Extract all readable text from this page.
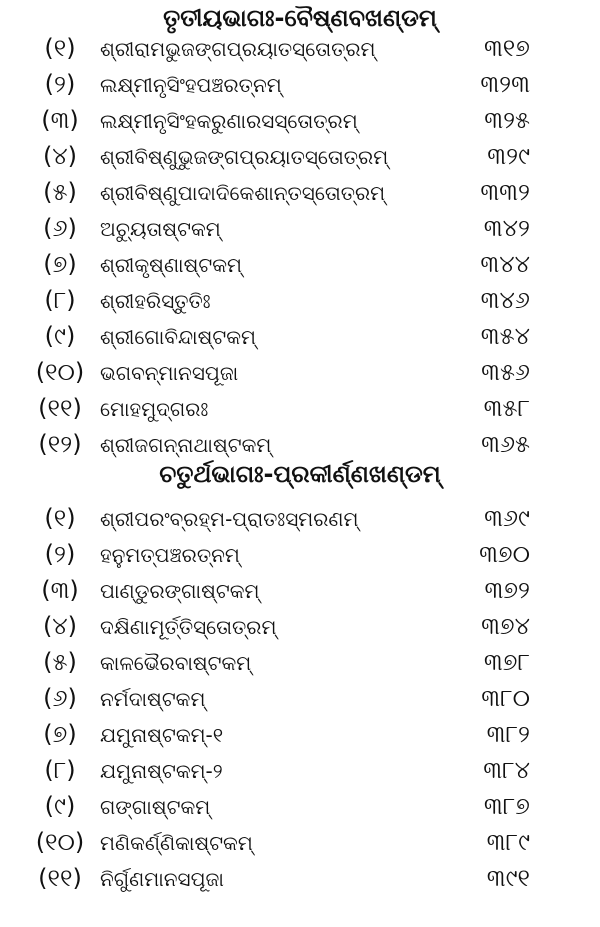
ତୃତୀୟଭାଗଃ-ବୈଷ୍ଣବଖଣ୍ଡମ୍
(୧)	ଶ୍ରୀରାମଭୁଜଙ୍ଗପ୍ରୟାତସ୍ତୋତ୍ରମ୍	୩୧୭
(୨)	ଲକ୍ଷ୍ମୀନୃସିଂହପଞ୍ଚରତ୍ନମ୍	୩୨୩
(୩)	ଲକ୍ଷ୍ମୀନୃସିଂହକରୁଣାରସସ୍ତୋତ୍ରମ୍	୩୨୫
(୪)	ଶ୍ରୀବିଷ୍ଣୁଭୁଜଙ୍ଗପ୍ରୟାତସ୍ତୋତ୍ରମ୍	୩୨୯
(୫)	ଶ୍ରୀବିଷ୍ଣୁପାଦାଦିକେଶାନ୍ତସ୍ତୋତ୍ରମ୍	୩୩୨
(୬)	ଅଚ୍ୟୁତାଷ୍ଟକମ୍	୩୪୨
(୭)	ଶ୍ରୀକୃଷ୍ଣାଷ୍ଟକମ୍	୩୪୪
(୮)	ଶ୍ରୀହରିସ୍ତୁତିଃ	୩୪୬
(୯)	ଶ୍ରୀଗୋବିନ୍ଦାଷ୍ଟକମ୍	୩୫୪
(୧୦) ଭଗବନ୍ମାନସପୂଜା	୩୫୬
(୧୧) ମୋହମୁଦ୍ଗରଃ	୩୫୮
(୧୨) ଶ୍ରୀଜଗନ୍ନାଥାଷ୍ଟକମ୍	୩୬୫
ଚତୁର୍ଥଭାଗଃ-ପ୍ରକୀର୍ଣ୍ଣଖଣ୍ଡମ୍
(୧)	ଶ୍ରୀପରଂବ୍ରହ୍ମ-ପ୍ରାତଃସ୍ମରଣମ୍	୩୬୯
(୨)	ହନୁମତ୍ପଞ୍ଚରତ୍ନମ୍	୩୭୦
(୩)	ପାଣ୍ଡୁରଙ୍ଗାଷ୍ଟକମ୍	୩୭୨
(୪)	ଦକ୍ଷିଣାମୂର୍ତ୍ତିସ୍ତୋତ୍ରମ୍	୩୭୪
(୫)	କାଳଭୈରବାଷ୍ଟକମ୍	୩୭୮
(୬)	ନର୍ମଦାଷ୍ଟକମ୍	୩୮୦
(୭)	ଯମୁନାଷ୍ଟକମ୍-୧	୩୮୨
(୮)	ଯମୁନାଷ୍ଟକମ୍-୨	୩୮୪
(୯)	ଗଙ୍ଗାଷ୍ଟକମ୍	୩୮୭
(୧୦) ମଣିକର୍ଣ୍ଣିକାଷ୍ଟକମ୍	୩୮୯
(୧୧) ନିର୍ଗୁଣମାନସପୂଜା	୩୯୧
